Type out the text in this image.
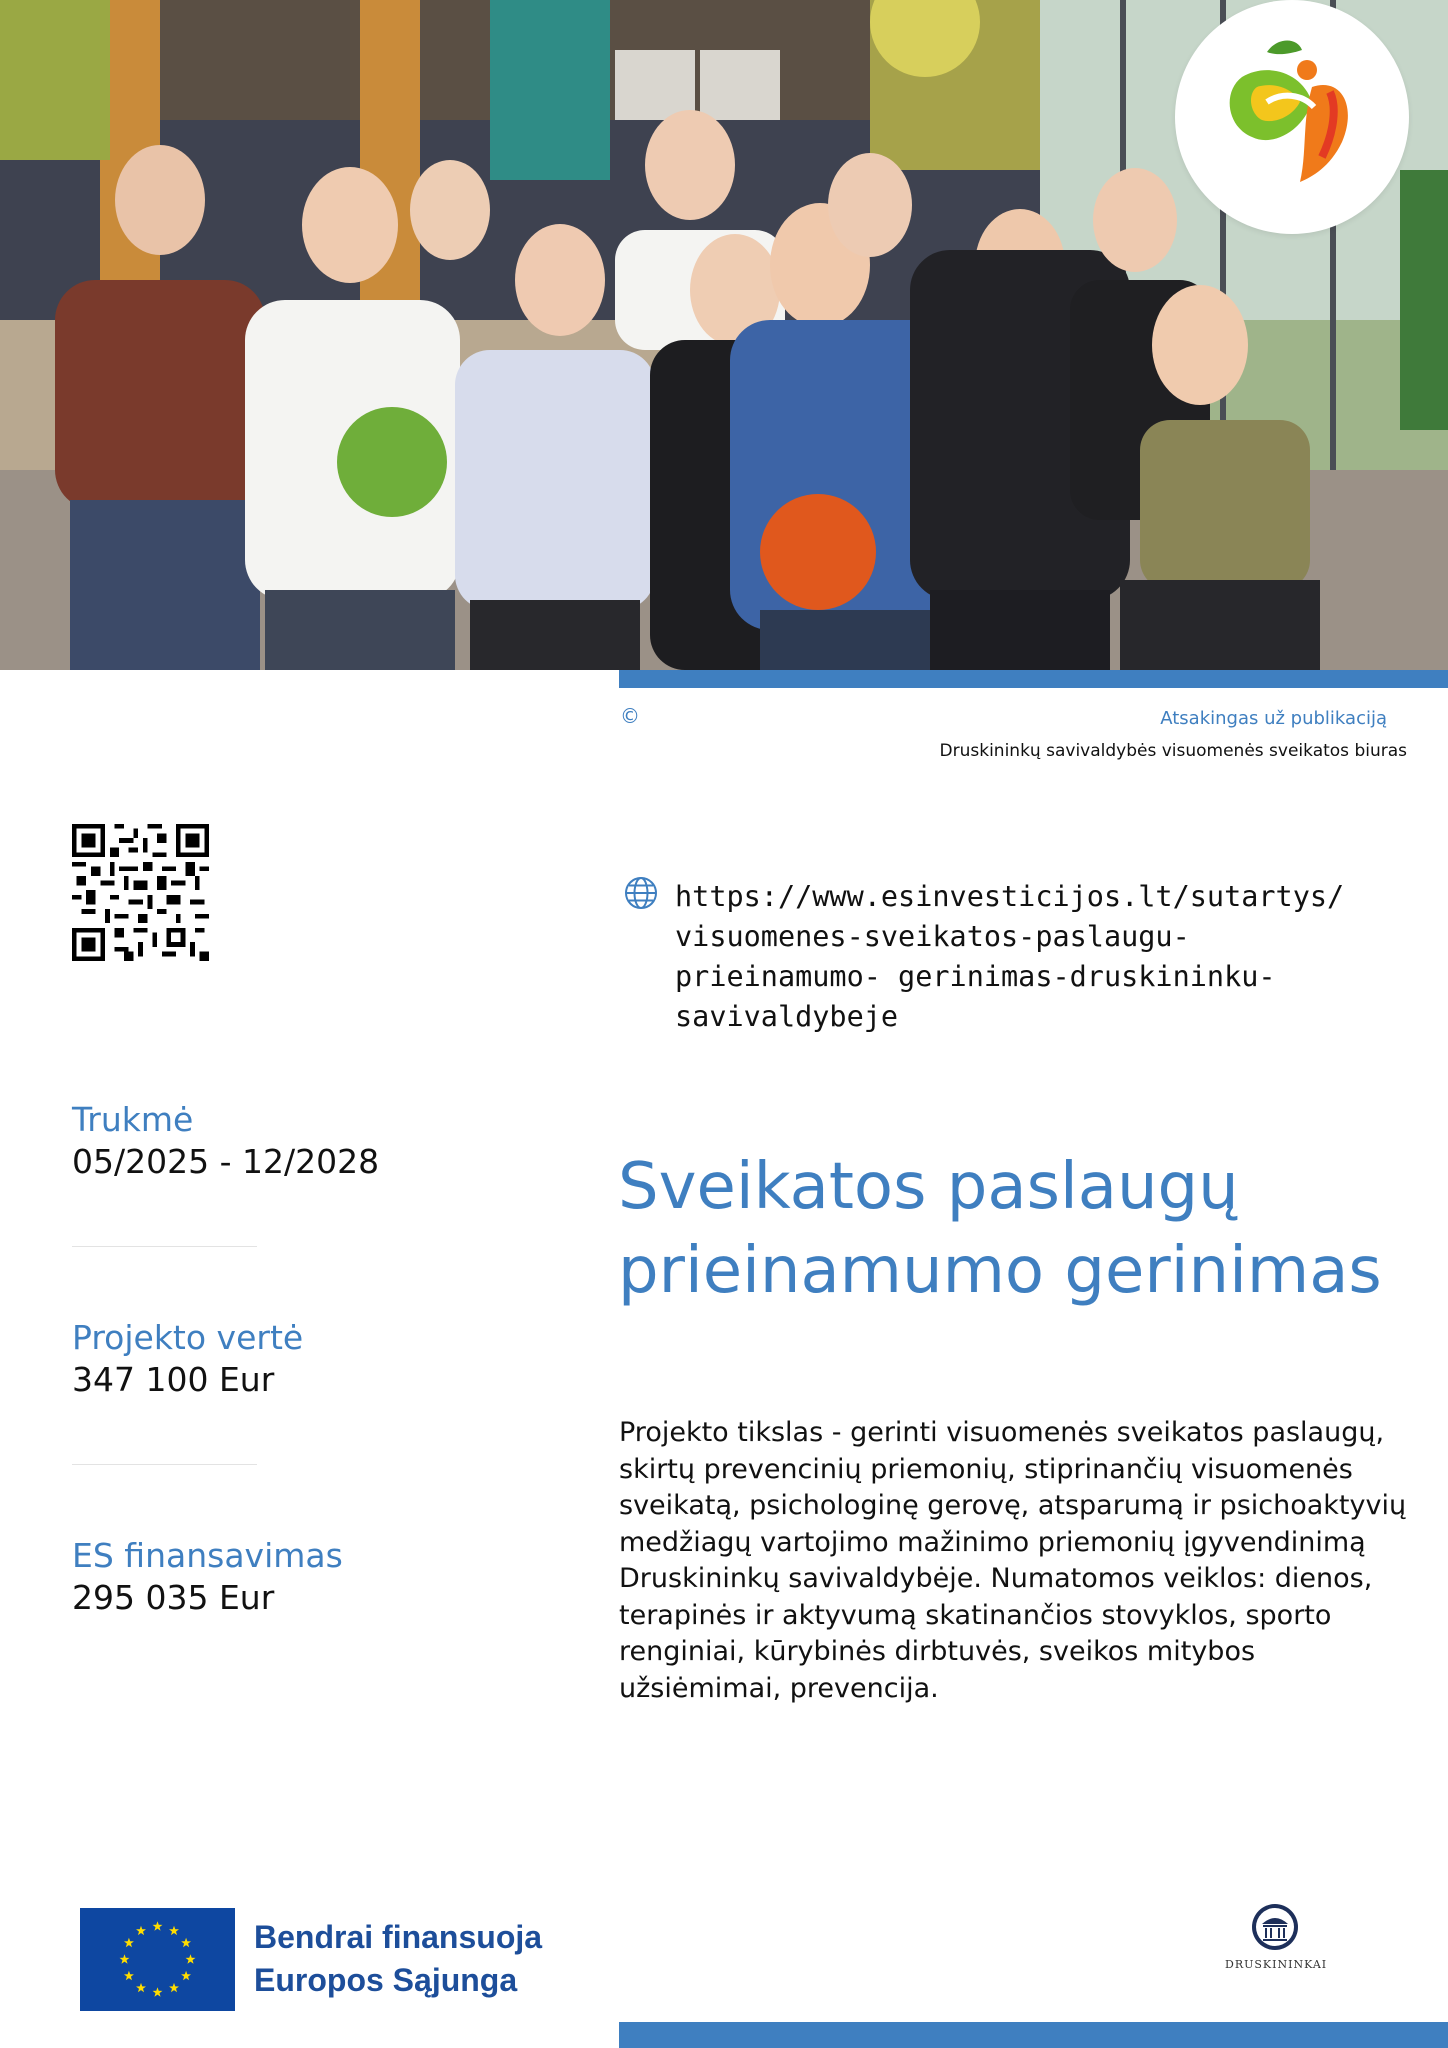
©	Atsakingas už publikaciją
Druskininkų savivaldybės visuomenės sveikatos biuras
https://www.esinvesticijos.lt/sutartys/ visuomenes-sveikatos-paslaugu-prieinamumo- gerinimas-druskininku-savivaldybeje
Trukmė
05/2025 - 12/2028
Projekto vertė
347 100 Eur
ES finansavimas
295 035 Eur
Sveikatos paslaugų prieinamumo gerinimas
Projekto tikslas - gerinti visuomenės sveikatos paslaugų, skirtų prevencinių priemonių, stiprinančių visuomenės sveikatą, psichologinę gerovę, atsparumą ir psichoaktyvių medžiagų vartojimo mažinimo priemonių įgyvendinimą Druskininkų savivaldybėje. Numatomos veiklos: dienos, terapinės ir aktyvumą skatinančios stovyklos, sporto renginiai, kūrybinės dirbtuvės, sveikos mitybos užsiėmimai, prevencija.
Bendrai finansuoja
Europos Sąjunga	DRUSKININKAI
